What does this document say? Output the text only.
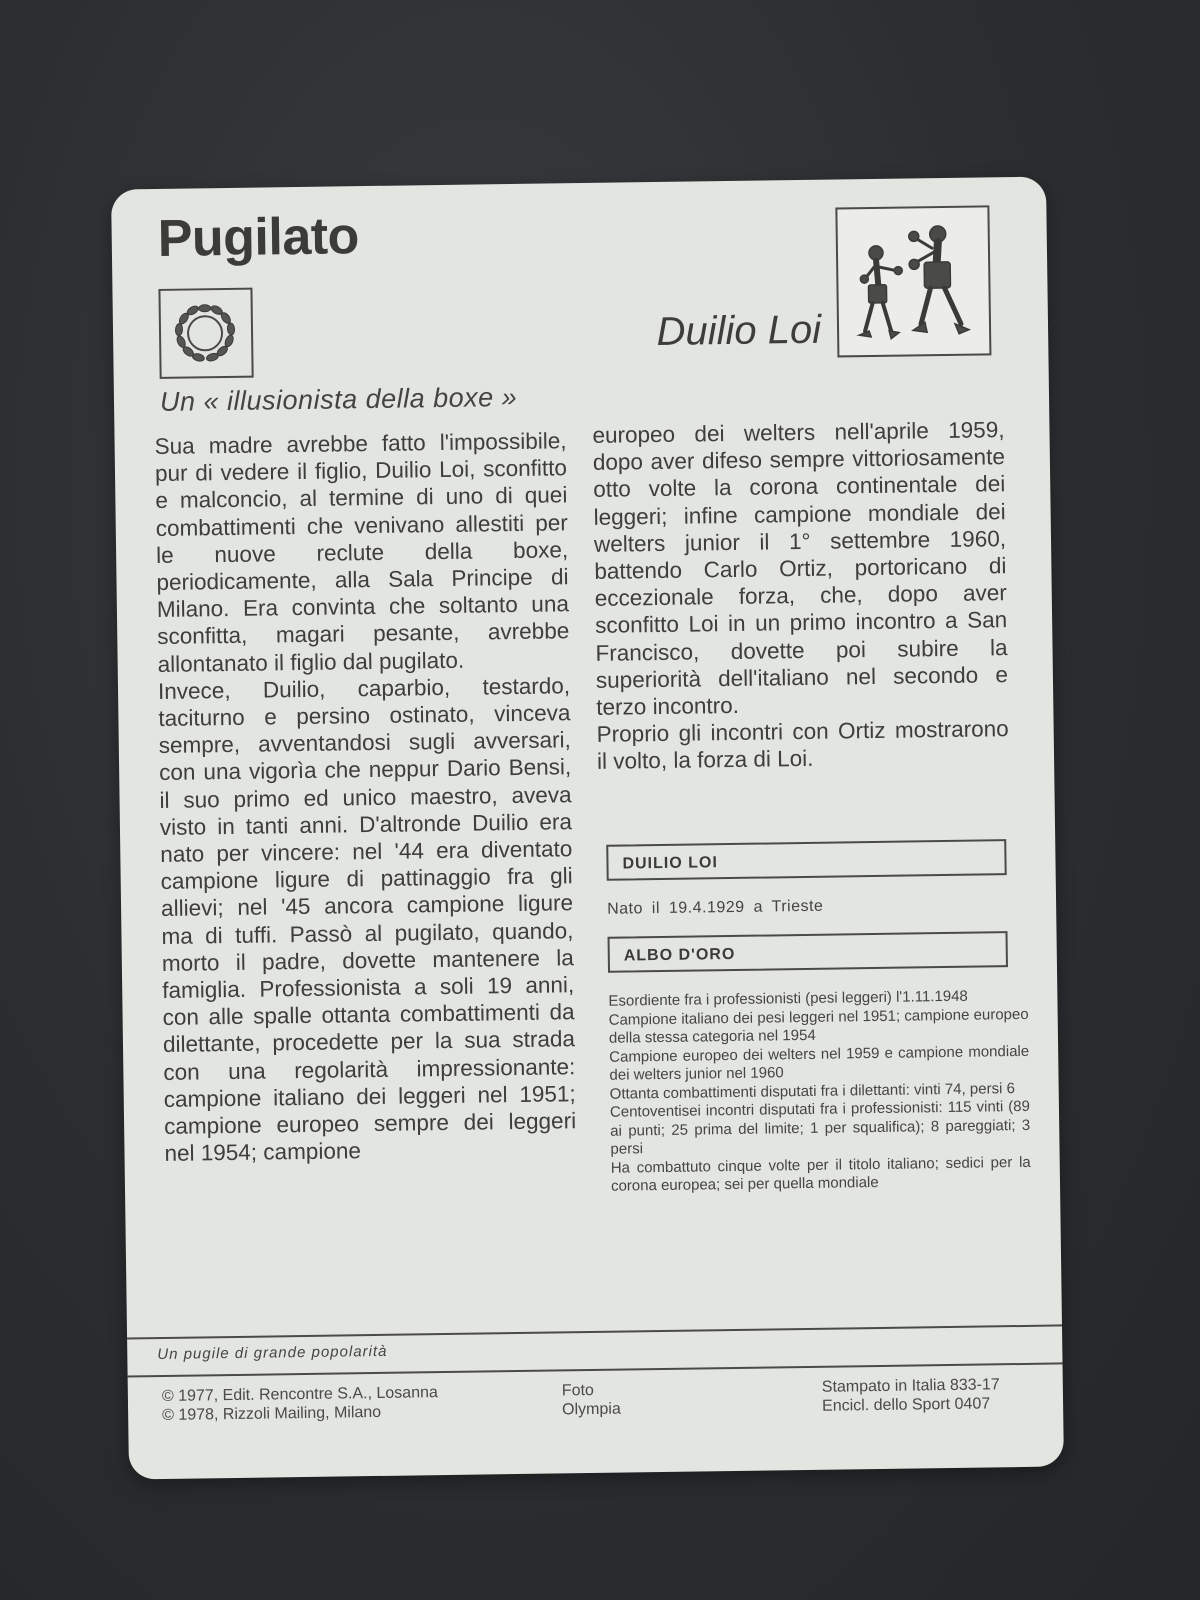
Pugilato
Duilio Loi
Un « illusionista della boxe »

Sua madre avrebbe fatto l'impossibile, pur di vedere il figlio, Duilio Loi, sconfitto e malconcio, al termine di uno di quei combattimenti che venivano allestiti per le nuove reclute della boxe, periodicamente, alla Sala Principe di Milano. Era convinta che soltanto una sconfitta, magari pesante, avrebbe allontanato il figlio dal pugilato.

Invece, Duilio, caparbio, testardo, taciturno e persino ostinato, vinceva sempre, avventandosi sugli avversari, con una vigorìa che neppur Dario Bensi, il suo primo ed unico maestro, aveva visto in tanti anni. D'altronde Duilio era nato per vincere: nel '44 era diventato campione ligure di pattinaggio fra gli allievi; nel '45 ancora campione ligure ma di tuffi. Passò al pugilato, quando, morto il padre, dovette mantenere la famiglia. Professionista a soli 19 anni, con alle spalle ottanta combattimenti da dilettante, procedette per la sua strada con una regolarità impressionante: campione italiano dei leggeri nel 1951; campione europeo sempre dei leggeri nel 1954; campione

europeo dei welters nell'aprile 1959, dopo aver difeso sempre vittoriosamente otto volte la corona continentale dei leggeri; infine campione mondiale dei welters junior il 1° settembre 1960, battendo Carlo Ortiz, portoricano di eccezionale forza, che, dopo aver sconfitto Loi in un primo incontro a San Francisco, dovette poi subire la superiorità dell'italiano nel secondo e terzo incontro.

Proprio gli incontri con Ortiz mostrarono il volto, la forza di Loi.

DUILIO LOI
Nato il 19.4.1929 a Trieste
ALBO D'ORO

Esordiente fra i professionisti (pesi leggeri) l'1.11.1948

Campione italiano dei pesi leggeri nel 1951; campione europeo della stessa categoria nel 1954

Campione europeo dei welters nel 1959 e campione mondiale dei welters junior nel 1960

Ottanta combattimenti disputati fra i dilettanti: vinti 74, persi 6

Centoventisei incontri disputati fra i professionisti: 115 vinti (89 ai punti; 25 prima del limite; 1 per squalifica); 8 pareggiati; 3 persi

Ha combattuto cinque volte per il titolo italiano; sedici per la corona europea; sei per quella mondiale

Un pugile di grande popolarità
© 1977, Edit. Rencontre S.A., Losanna
© 1978, Rizzoli Mailing, Milano
Foto
Olympia
Stampato in Italia 833-17
Encicl. dello Sport 0407
